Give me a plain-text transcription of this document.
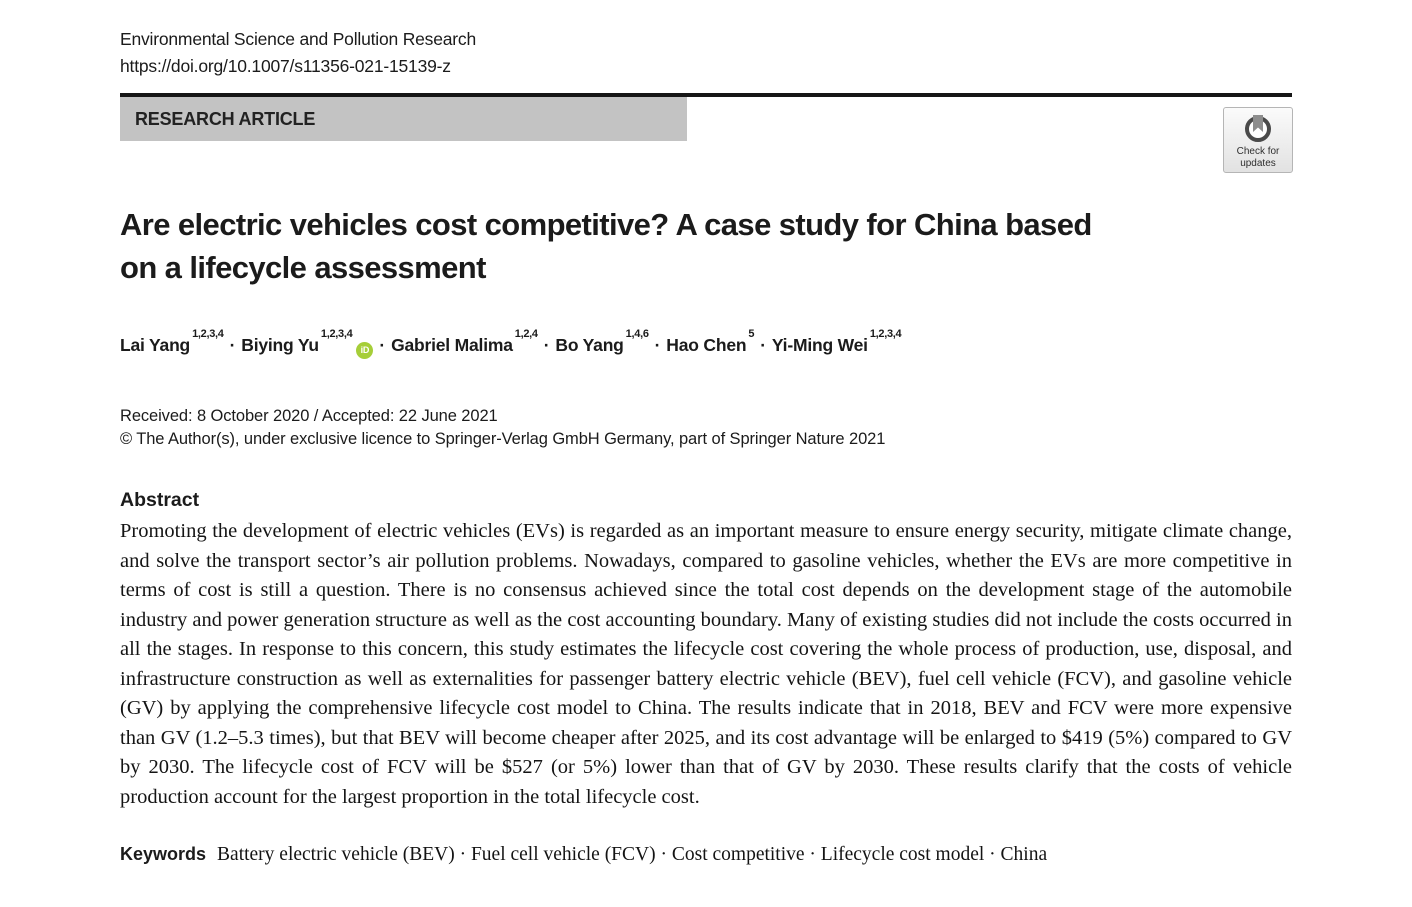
Environmental Science and Pollution Research
https://doi.org/10.1007/s11356-021-15139-z
RESEARCH ARTICLE
Check for
updates
Are electric vehicles cost competitive? A case study for China based
on a lifecycle assessment
Lai Yang$^{1,2,3,4}$· Biying Yu$^{1,2,3,4}$iD · Gabriel Malima$^{1,2,4}$· Bo Yang$^{1,4,6}$· Hao Chen$^5$· Yi-Ming Wei$^{1,2,3,4}$
Received: 8 October 2020 / Accepted: 22 June 2021
© The Author(s), under exclusive licence to Springer-Verlag GmbH Germany, part of Springer Nature 2021
Abstract
Promoting the development of electric vehicles (EVs) is regarded as an important measure to ensure energy security, mitigate climate change, and solve the transport sector’s air pollution problems. Nowadays, compared to gasoline vehicles, whether the EVs are more competitive in terms of cost is still a question. There is no consensus achieved since the total cost depends on the development stage of the automobile industry and power generation structure as well as the cost accounting boundary. Many of existing studies did not include the costs occurred in all the stages. In response to this concern, this study estimates the lifecycle cost covering the whole process of production, use, disposal, and infrastructure construction as well as externalities for passenger battery electric vehicle (BEV), fuel cell vehicle (FCV), and gasoline vehicle (GV) by applying the comprehensive lifecycle cost model to China. The results indicate that in 2018, BEV and FCV were more expensive than GV (1.2–5.3 times), but that BEV will become cheaper after 2025, and its cost advantage will be enlarged to $419 (5%) compared to GV by 2030. The lifecycle cost of FCV will be $527 (or 5%) lower than that of GV by 2030. These results clarify that the costs of vehicle production account for the largest proportion in the total lifecycle cost.
Keywords Battery electric vehicle (BEV) · Fuel cell vehicle (FCV) · Cost competitive · Lifecycle cost model · China
